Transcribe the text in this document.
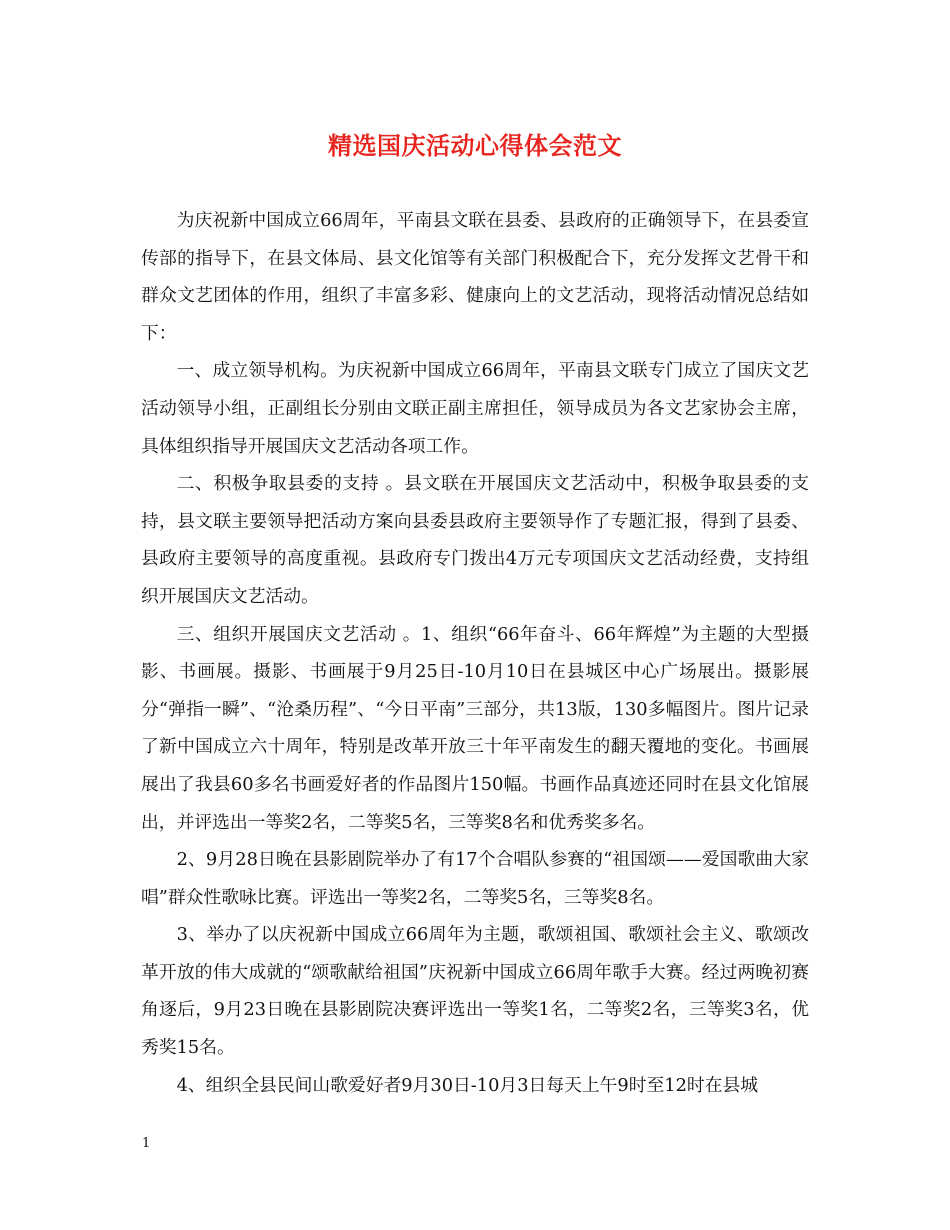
精选国庆活动心得体会范文

为庆祝新中国成立66周年，平南县文联在县委、县政府的正确领导下，在县委宣传部的指导下，在县文体局、县文化馆等有关部门积极配合下，充分发挥文艺骨干和群众文艺团体的作用，组织了丰富多彩、健康向上的文艺活动，现将活动情况总结如下：

一、成立领导机构。为庆祝新中国成立66周年，平南县文联专门成立了国庆文艺活动领导小组，正副组长分别由文联正副主席担任，领导成员为各文艺家协会主席，具体组织指导开展国庆文艺活动各项工作。

二、积极争取县委的支持 。县文联在开展国庆文艺活动中，积极争取县委的支持，县文联主要领导把活动方案向县委县政府主要领导作了专题汇报，得到了县委、县政府主要领导的高度重视。县政府专门拨出4万元专项国庆文艺活动经费，支持组织开展国庆文艺活动。

三、组织开展国庆文艺活动 。1、组织“66年奋斗、66年辉煌”为主题的大型摄影、书画展。摄影、书画展于9月25日-10月10日在县城区中心广场展出。摄影展分“弹指一瞬”、“沧桑历程”、“今日平南”三部分，共13版，130多幅图片。图片记录了新中国成立六十周年，特别是改革开放三十年平南发生的翻天覆地的变化。书画展展出了我县60多名书画爱好者的作品图片150幅。书画作品真迹还同时在县文化馆展出，并评选出一等奖2名，二等奖5名，三等奖8名和优秀奖多名。

2、9月28日晚在县影剧院举办了有17个合唱队参赛的“祖国颂——爱国歌曲大家唱”群众性歌咏比赛。评选出一等奖2名，二等奖5名，三等奖8名。

3、举办了以庆祝新中国成立66周年为主题，歌颂祖国、歌颂社会主义、歌颂改革开放的伟大成就的“颂歌献给祖国”庆祝新中国成立66周年歌手大赛。经过两晚初赛角逐后，9月23日晚在县影剧院决赛评选出一等奖1名，二等奖2名，三等奖3名，优秀奖15名。

4、组织全县民间山歌爱好者9月30日-10月3日每天上午9时至12时在县城

1
